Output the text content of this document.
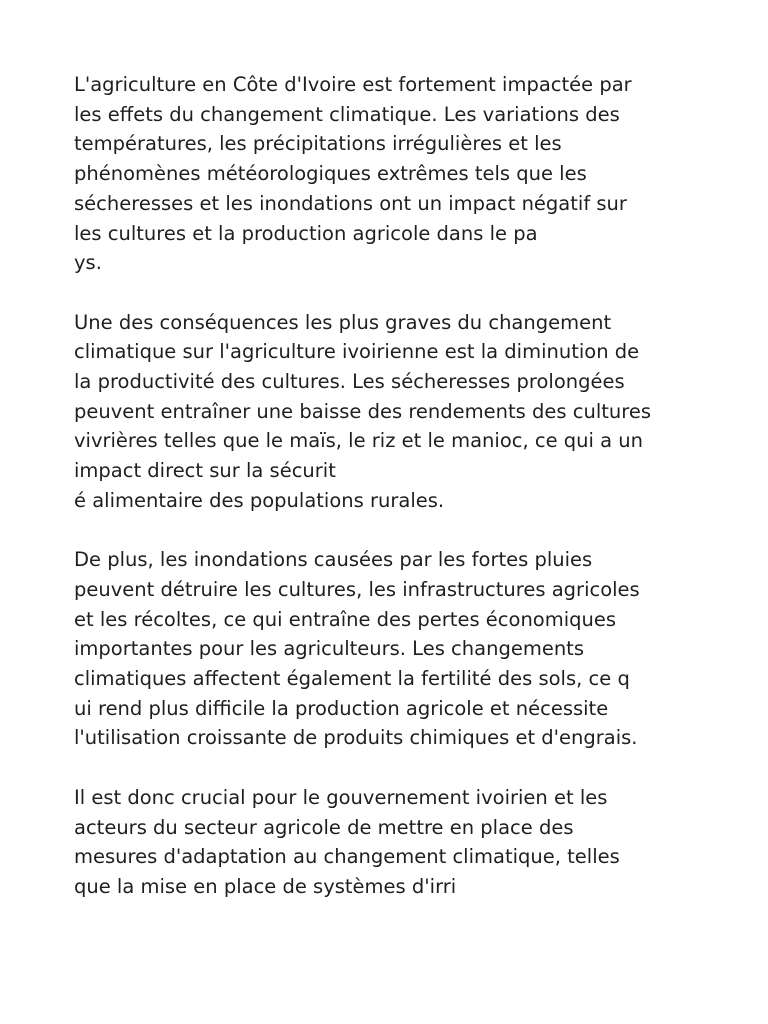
L'agriculture en Côte d'Ivoire est fortement impactée par
les effets du changement climatique. Les variations des
températures, les précipitations irrégulières et les
phénomènes météorologiques extrêmes tels que les
sécheresses et les inondations ont un impact négatif sur
les cultures et la production agricole dans le pa
ys.

Une des conséquences les plus graves du changement
climatique sur l'agriculture ivoirienne est la diminution de
la productivité des cultures. Les sécheresses prolongées
peuvent entraîner une baisse des rendements des cultures
vivrières telles que le maïs, le riz et le manioc, ce qui a un
impact direct sur la sécurit
é alimentaire des populations rurales.

De plus, les inondations causées par les fortes pluies
peuvent détruire les cultures, les infrastructures agricoles
et les récoltes, ce qui entraîne des pertes économiques
importantes pour les agriculteurs. Les changements
climatiques affectent également la fertilité des sols, ce q
ui rend plus difficile la production agricole et nécessite
l'utilisation croissante de produits chimiques et d'engrais.

Il est donc crucial pour le gouvernement ivoirien et les
acteurs du secteur agricole de mettre en place des
mesures d'adaptation au changement climatique, telles
que la mise en place de systèmes d'irri
